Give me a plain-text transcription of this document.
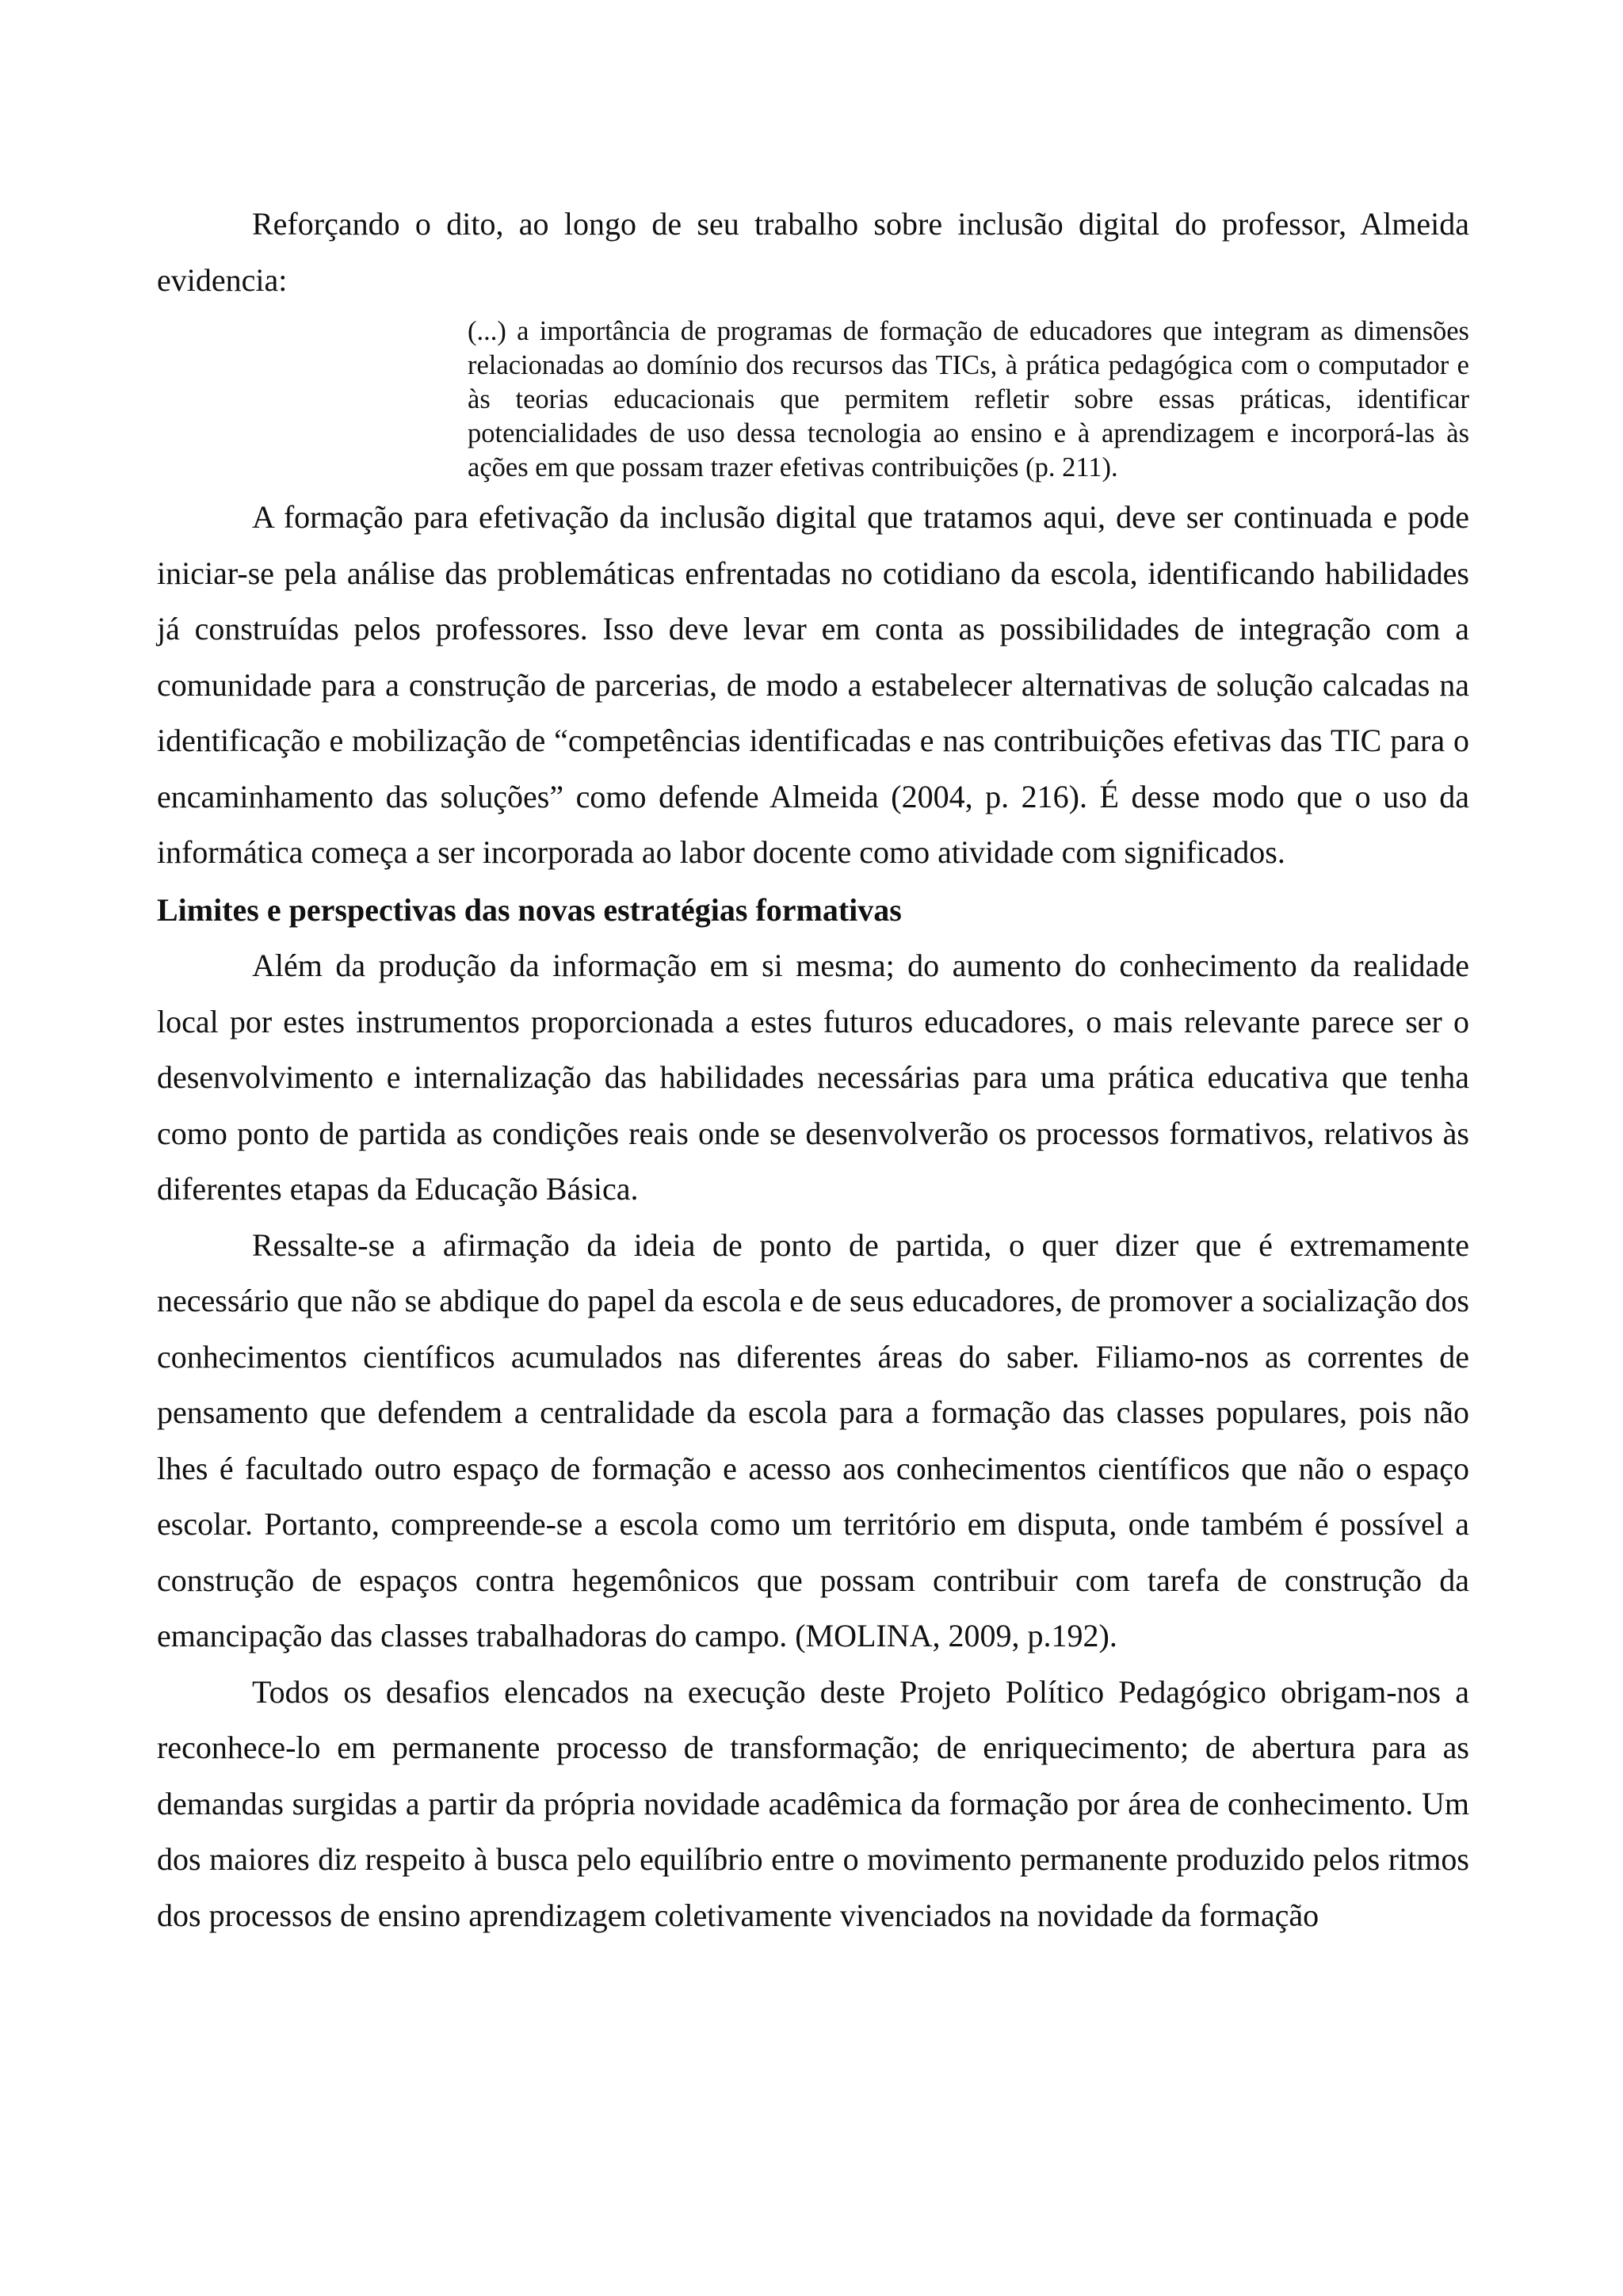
Reforçando o dito, ao longo de seu trabalho sobre inclusão digital do professor, Almeida evidencia:

(...) a importância de programas de formação de educadores que integram as dimensões relacionadas ao domínio dos recursos das TICs, à prática pedagógica com o computador e às teorias educacionais que permitem refletir sobre essas práticas, identificar potencialidades de uso dessa tecnologia ao ensino e à aprendizagem e incorporá-las às ações em que possam trazer efetivas contribuições (p. 211).

A formação para efetivação da inclusão digital que tratamos aqui, deve ser continuada e pode iniciar-se pela análise das problemáticas enfrentadas no cotidiano da escola, identificando habilidades já construídas pelos professores. Isso deve levar em conta as possibilidades de integração com a comunidade para a construção de parcerias, de modo a estabelecer alternativas de solução calcadas na identificação e mobilização de “competências identificadas e nas contribuições efetivas das TIC para o encaminhamento das soluções” como defende Almeida (2004, p. 216). É desse modo que o uso da informática começa a ser incorporada ao labor docente como atividade com significados.

Limites e perspectivas das novas estratégias formativas

Além da produção da informação em si mesma; do aumento do conhecimento da realidade local por estes instrumentos proporcionada a estes futuros educadores, o mais relevante parece ser o desenvolvimento e internalização das habilidades necessárias para uma prática educativa que tenha como ponto de partida as condições reais onde se desenvolverão os processos formativos, relativos às diferentes etapas da Educação Básica.

Ressalte-se a afirmação da ideia de ponto de partida, o quer dizer que é extremamente necessário que não se abdique do papel da escola e de seus educadores, de promover a socialização dos conhecimentos científicos acumulados nas diferentes áreas do saber. Filiamo-nos as correntes de pensamento que defendem a centralidade da escola para a formação das classes populares, pois não lhes é facultado outro espaço de formação e acesso aos conhecimentos científicos que não o espaço escolar. Portanto, compreende-se a escola como um território em disputa, onde também é possível a construção de espaços contra hegemônicos que possam contribuir com tarefa de construção da emancipação das classes trabalhadoras do campo. (MOLINA, 2009, p.192).

Todos os desafios elencados na execução deste Projeto Político Pedagógico obrigam-nos a reconhece-lo em permanente processo de transformação; de enriquecimento; de abertura para as demandas surgidas a partir da própria novidade acadêmica da formação por área de conhecimento. Um dos maiores diz respeito à busca pelo equilíbrio entre o movimento permanente produzido pelos ritmos dos processos de ensino aprendizagem coletivamente vivenciados na novidade da formação
